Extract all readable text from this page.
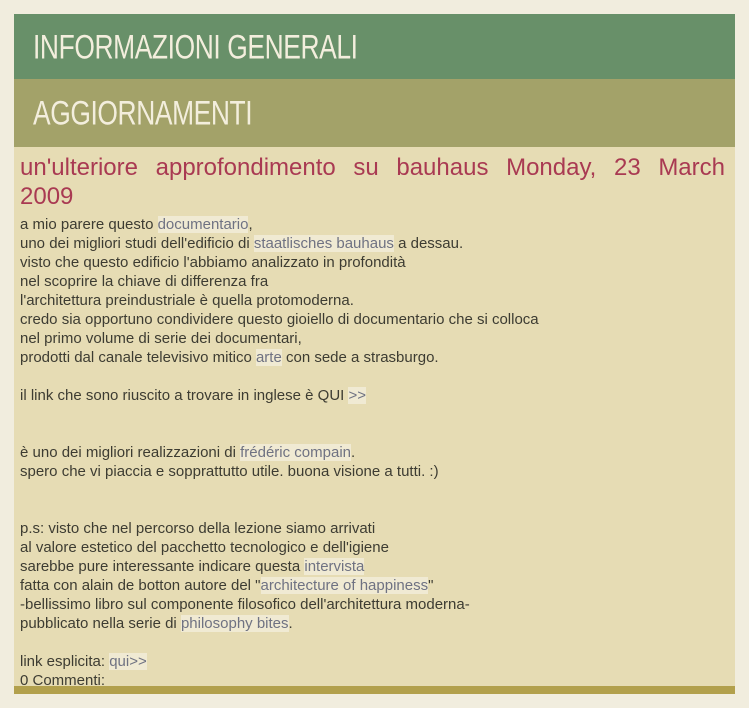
INFORMAZIONI GENERALI
AGGIORNAMENTI
un'ulteriore approfondimento su bauhaus Monday, 23 March
2009
a mio parere questo documentario,
uno dei migliori studi dell'edificio di staatlisches bauhaus a dessau.
visto che questo edificio l'abbiamo analizzato in profondità
nel scoprire la chiave di differenza fra
l'architettura preindustriale è quella protomoderna.
credo sia opportuno condividere questo gioiello di documentario che si colloca
nel primo volume di serie dei documentari,
prodotti dal canale televisivo mitico arte con sede a strasburgo.
il link che sono riuscito a trovare in inglese è QUI >>
è uno dei migliori realizzazioni di frédéric compain.
spero che vi piaccia e sopprattutto utile. buona visione a tutti. :)
p.s: visto che nel percorso della lezione siamo arrivati
al valore estetico del pacchetto tecnologico e dell'igiene
sarebbe pure interessante indicare questa intervista
fatta con alain de botton autore del "architecture of happiness"
-bellissimo libro sul componente filosofico dell'architettura moderna-
pubblicato nella serie di philosophy bites.
link esplicita: qui>>
0 Commenti:
